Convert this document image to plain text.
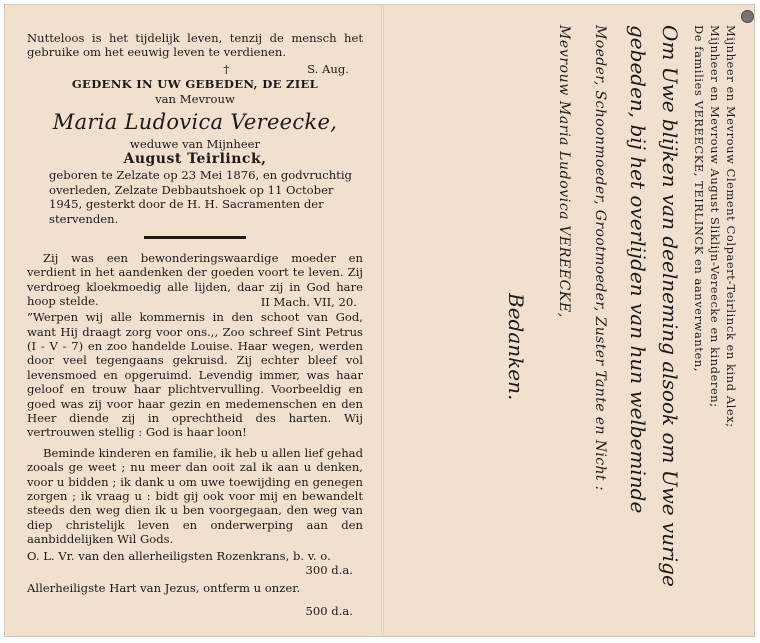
Nutteloos is het tijdelijk leven, tenzij de mensch het gebruike om het eeuwig leven te verdienen.

†	S. Aug.
GEDENK IN UW GEBEDEN, DE ZIEL
van Mevrouw
Maria Ludovica Vereecke,
weduwe van Mijnheer
August Teirlinck,

geboren te Zelzate op 23 Mei 1876, en godvruchtig overleden, Zelzate Debbautshoek op 11 October 1945, gesterkt door de H. H. Sacramenten der stervenden.

Zij was een bewonderingswaardige moeder en verdient in het aandenken der goeden voort te leven. Zij verdroeg kloekmoedig alle lijden, daar zij in God hare hoop stelde.	II Mach. VII, 20.

”Werpen wij alle kommernis in den schoot van God, want Hij draagt zorg voor ons.,, Zoo schreef Sint Petrus (I - V - 7) en zoo handelde Louise. Haar wegen, werden door veel tegengaans gekruisd. Zij echter bleef vol levensmoed en opgeruimd. Levendig immer, was haar geloof en trouw haar plichtvervulling. Voorbeeldig en goed was zij voor haar gezin en medemenschen en den Heer diende zij in oprechtheid des harten. Wij vertrouwen stellig : God is haar loon!

Beminde kinderen en familie, ik heb u allen lief gehad zooals ge weet ; nu meer dan ooit zal ik aan u denken, voor u bidden ; ik dank u om uwe toewijding en genegen zorgen ; ik vraag u : bidt gij ook voor mij en bewandelt steeds den weg dien ik u ben voorgegaan, den weg van diep christelijk leven en onderwerping aan den aanbiddelijken Wil Gods.

O. L. Vr. van den allerheiligsten Rozenkrans, b. v. o.
300 d.a.
Allerheiligste Hart van Jezus, ontferm u onzer.
500 d.a.
Mijnheer en Mevrouw Clement Colpaert-Teirlinck en kind Alex;
Mijnheer en Mevrouw August Sliklijn-Vereecke en kinderen;
De families VEREECKE, TEIRLINCK en aanverwanten,
Om Uwe blijken van deelneming alsook om Uwe vurige
gebeden, bij het overlijden van hun welbeminde
Moeder, Schoonmoeder, Grootmoeder, Zuster Tante en Nicht :
Mevrouw Maria Ludovica VEREECKE,
Bedanken.
